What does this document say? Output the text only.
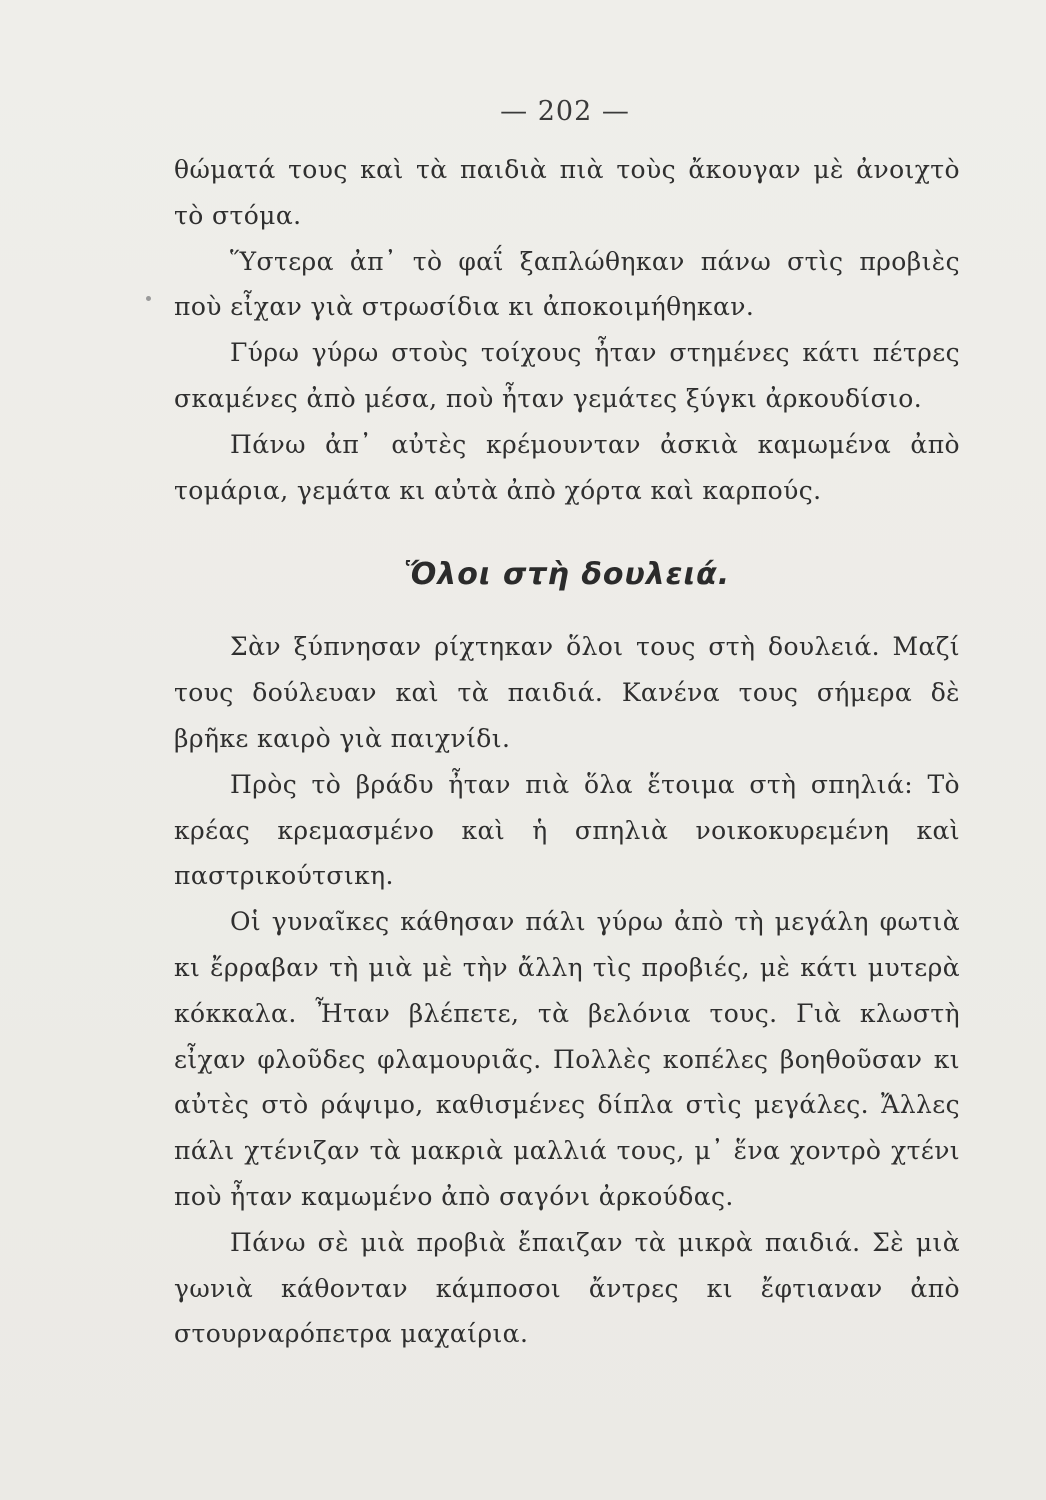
— 202 —

θώματά τους καὶ τὰ παιδιὰ πιὰ τοὺς ἄκουγαν μὲ ἀνοιχτὸ τὸ στόμα.

Ὕστερα ἀπ᾽ τὸ φαΐ ξαπλώθηκαν πάνω στὶς προβιὲς ποὺ εἶχαν γιὰ στρωσίδια κι ἀποκοιμήθηκαν.

Γύρω γύρω στοὺς τοίχους ἦταν στημένες κάτι πέτρες σκαμένες ἀπὸ μέσα, ποὺ ἦταν γεμάτες ξύγκι ἀρκουδίσιο.

Πάνω ἀπ᾽ αὐτὲς κρέμουνταν ἀσκιὰ καμωμένα ἀπὸ τομάρια, γεμάτα κι αὐτὰ ἀπὸ χόρτα καὶ καρπούς.

Ὅλοι στὴ δουλειά.

Σὰν ξύπνησαν ρίχτηκαν ὅλοι τους στὴ δουλειά. Μαζί τους δούλευαν καὶ τὰ παιδιά. Κανένα τους σήμερα δὲ βρῆκε καιρὸ γιὰ παιχνίδι.

Πρὸς τὸ βράδυ ἦταν πιὰ ὅλα ἕτοιμα στὴ σπηλιά: Τὸ κρέας κρεμασμένο καὶ ἡ σπηλιὰ νοικοκυρεμένη καὶ παστρικούτσικη.

Οἱ γυναῖκες κάθησαν πάλι γύρω ἀπὸ τὴ μεγάλη φωτιὰ κι ἔρραβαν τὴ μιὰ μὲ τὴν ἄλλη τὶς προβιές, μὲ κάτι μυτερὰ κόκκαλα. Ἦταν βλέπετε, τὰ βελόνια τους. Γιὰ κλωστὴ εἶχαν φλοῦδες φλαμουριᾶς. Πολλὲς κοπέλες βοηθοῦσαν κι αὐτὲς στὸ ράψιμο, καθισμένες δίπλα στὶς μεγάλες. Ἄλλες πάλι χτένιζαν τὰ μακριὰ μαλλιά τους, μ᾽ ἕνα χοντρὸ χτένι ποὺ ἦταν καμωμένο ἀπὸ σαγόνι ἀρκούδας.

Πάνω σὲ μιὰ προβιὰ ἔπαιζαν τὰ μικρὰ παιδιά. Σὲ μιὰ γωνιὰ κάθονταν κάμποσοι ἄντρες κι ἔφτιαναν ἀπὸ στουρναρόπετρα μαχαίρια.
